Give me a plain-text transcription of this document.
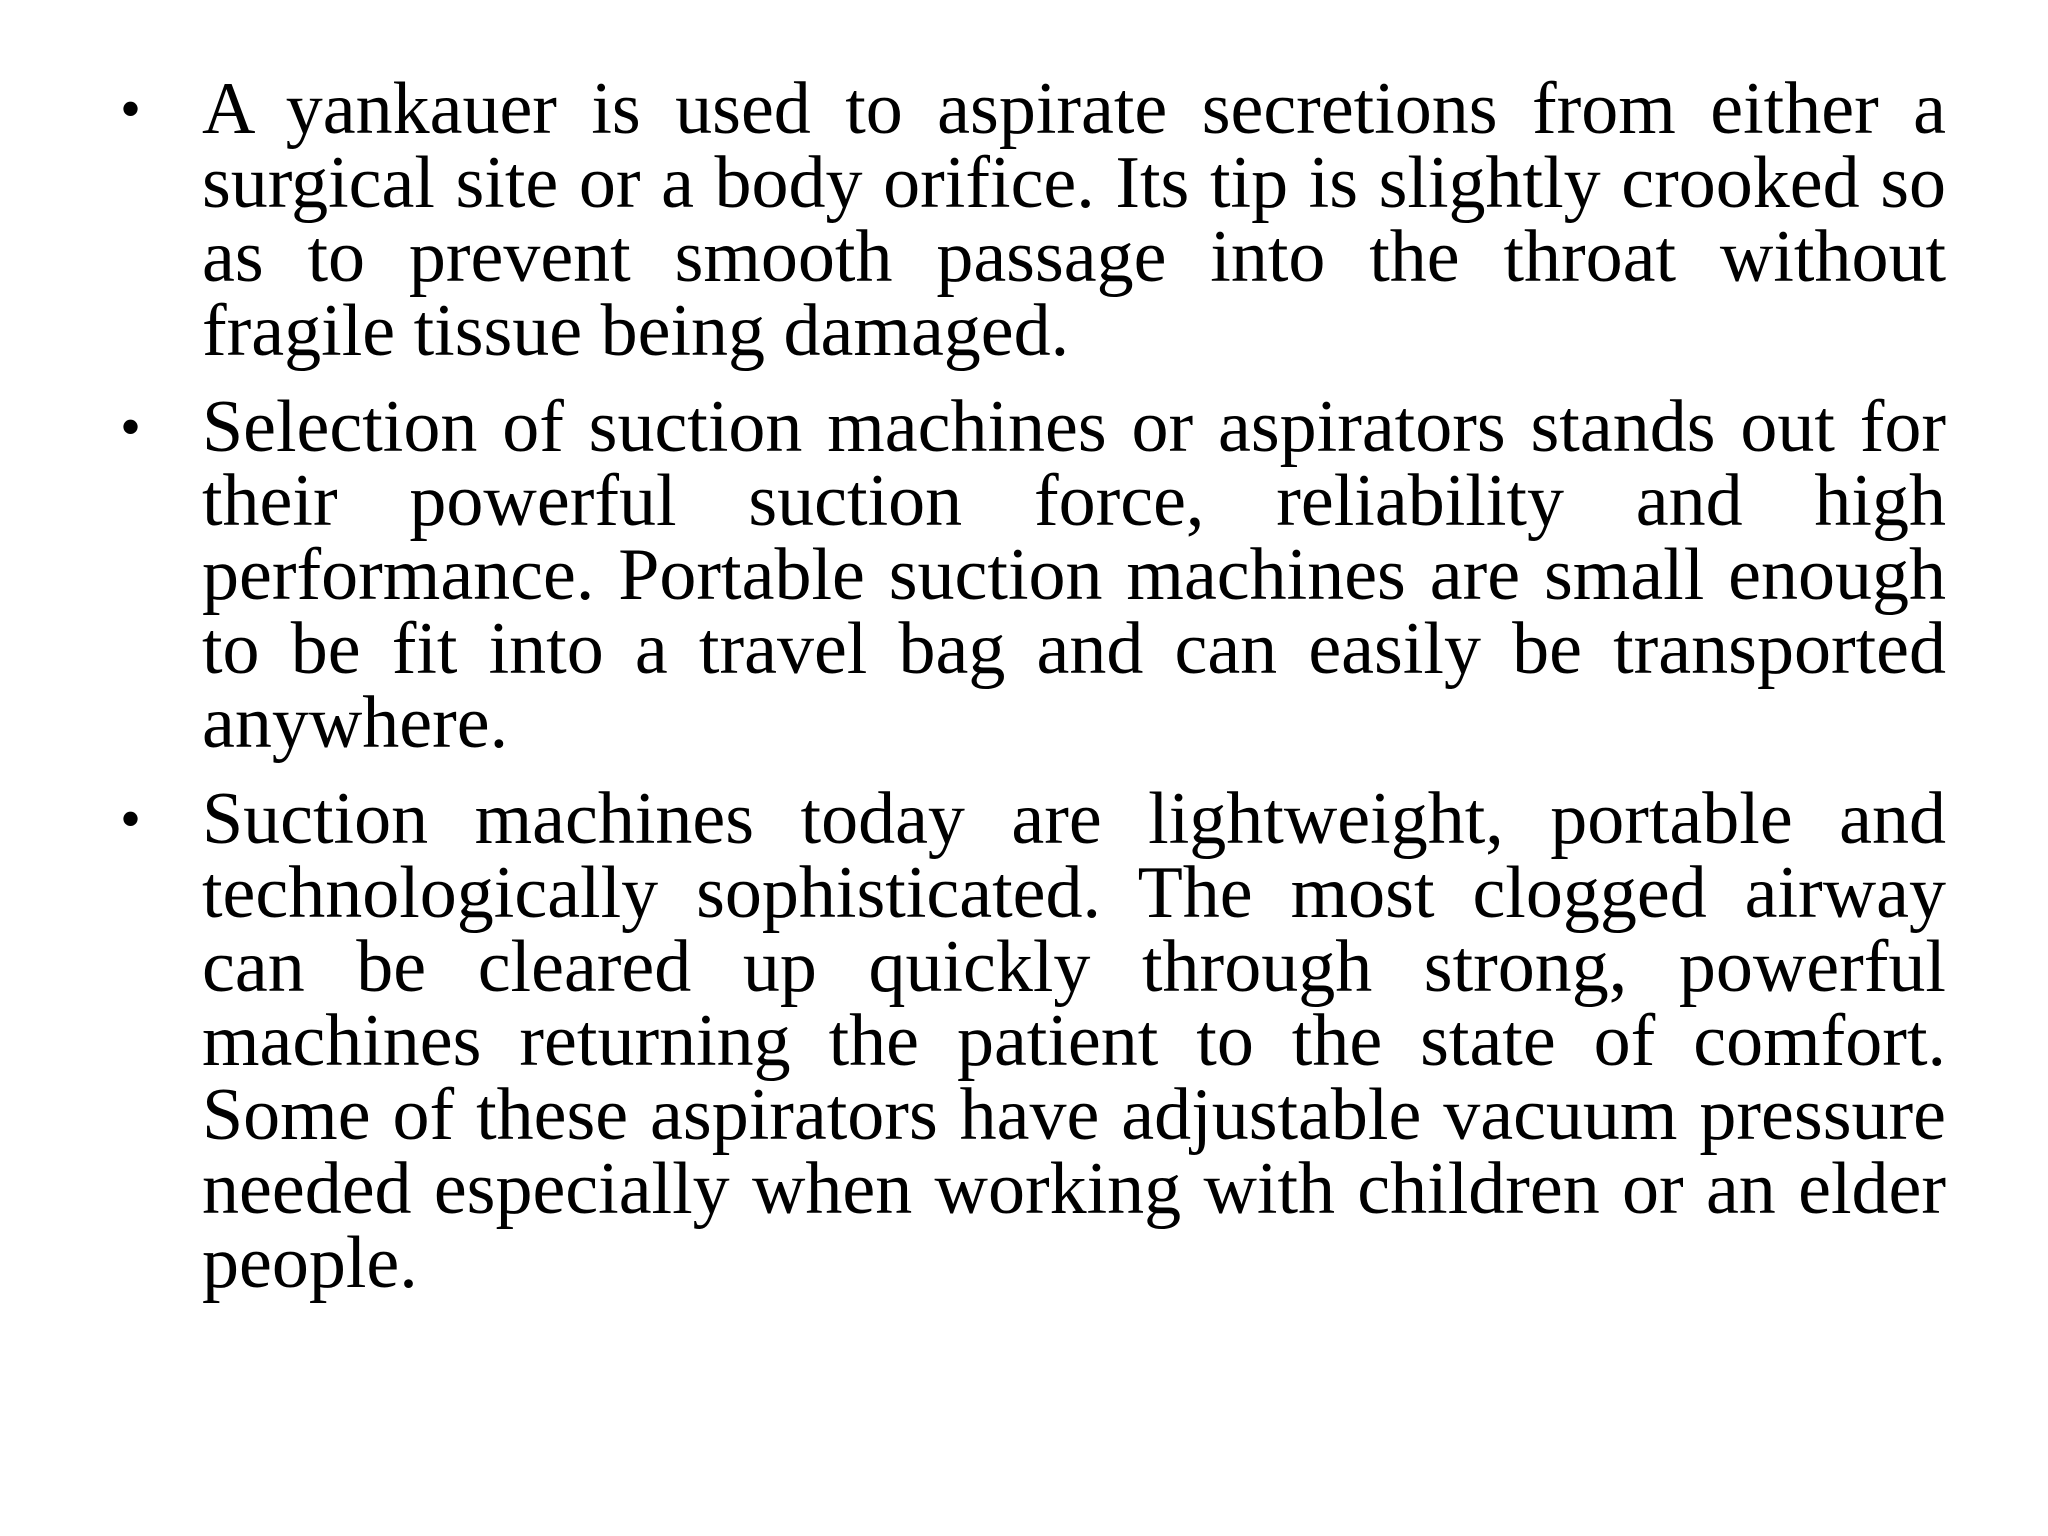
• A yankauer is used to aspirate secretions from either a surgical site or a body orifice. Its tip is slightly crooked so as to prevent smooth passage into the throat without fragile tissue being damaged.

• Selection of suction machines or aspirators stands out for their powerful suction force, reliability and high performance. Portable suction machines are small enough to be fit into a travel bag and can easily be transported anywhere.

• Suction machines today are lightweight, portable and technologically sophisticated. The most clogged airway can be cleared up quickly through strong, powerful machines returning the patient to the state of comfort. Some of these aspirators have adjustable vacuum pressure needed especially when working with children or an elder people.
